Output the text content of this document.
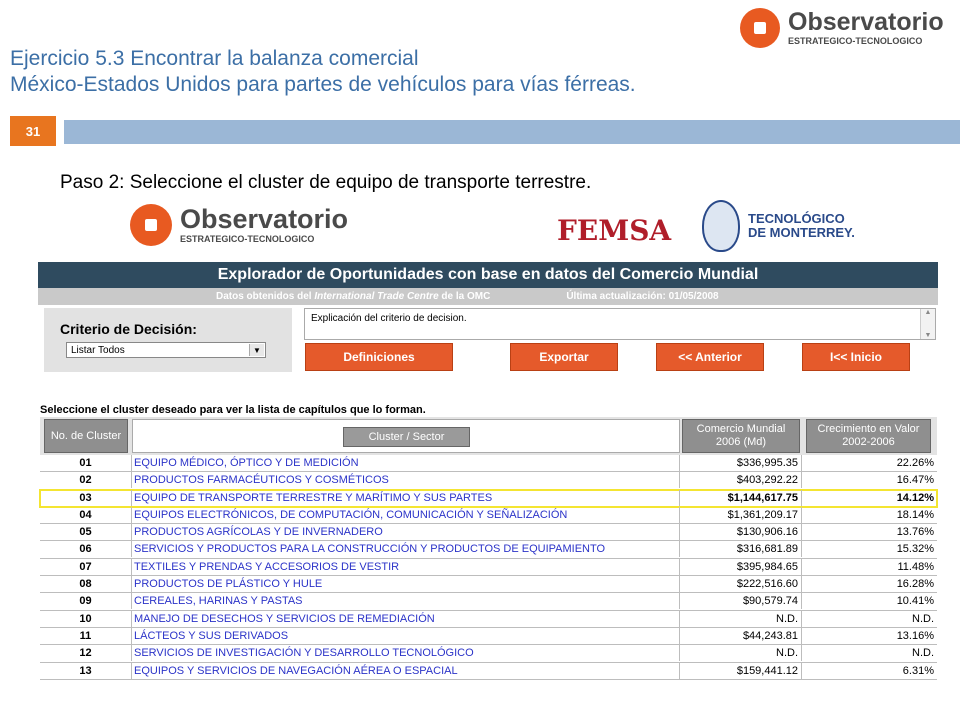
Ejercicio 5.3 Encontrar la balanza comercial
México-Estados Unidos para partes de vehículos para vías férreas.
Observatorio
ESTRATEGICO-TECNOLOGICO
31
Paso 2: Seleccione el cluster de equipo de transporte terrestre.
Observatorio
ESTRATEGICO-TECNOLOGICO	FEMSA	TECNOLÓGICO
DE MONTERREY.
Explorador de Oportunidades con base en datos del Comercio Mundial
Datos obtenidos del International Trade Centre de la OMC	Última actualización: 01/05/2008
Criterio de Decisión:
Listar Todos	▼
Explicación del criterio de decision.
▲
▼
Definiciones	Exportar	<< Anterior	I<< Inicio
Seleccione el cluster deseado para ver la lista de capítulos que lo forman.
No. de Cluster	Cluster / Sector
Comercio Mundial 2006 (Md)
Crecimiento en Valor 2002-2006
01	EQUIPO MÉDICO, ÓPTICO Y DE MEDICIÓN	$336,995.35	22.26%
02	PRODUCTOS FARMACÉUTICOS Y COSMÉTICOS	$403,292.22	16.47%
03	EQUIPO DE TRANSPORTE TERRESTRE Y MARÍTIMO Y SUS PARTES	$1,144,617.75	14.12%
04	EQUIPOS ELECTRÓNICOS, DE COMPUTACIÓN, COMUNICACIÓN Y SEÑALIZACIÓN	$1,361,209.17	18.14%
05	PRODUCTOS AGRÍCOLAS Y DE INVERNADERO	$130,906.16	13.76%
06	SERVICIOS Y PRODUCTOS PARA LA CONSTRUCCIÓN Y PRODUCTOS DE EQUIPAMIENTO	$316,681.89	15.32%
07	TEXTILES Y PRENDAS Y ACCESORIOS DE VESTIR	$395,984.65	11.48%
08	PRODUCTOS DE PLÁSTICO Y HULE	$222,516.60	16.28%
09	CEREALES, HARINAS Y PASTAS	$90,579.74	10.41%
10	MANEJO DE DESECHOS Y SERVICIOS DE REMEDIACIÓN	N.D.	N.D.
11	LÁCTEOS Y SUS DERIVADOS	$44,243.81	13.16%
12	SERVICIOS DE INVESTIGACIÓN Y DESARROLLO TECNOLÓGICO	N.D.	N.D.
13	EQUIPOS Y SERVICIOS DE NAVEGACIÓN AÉREA O ESPACIAL	$159,441.12	6.31%
